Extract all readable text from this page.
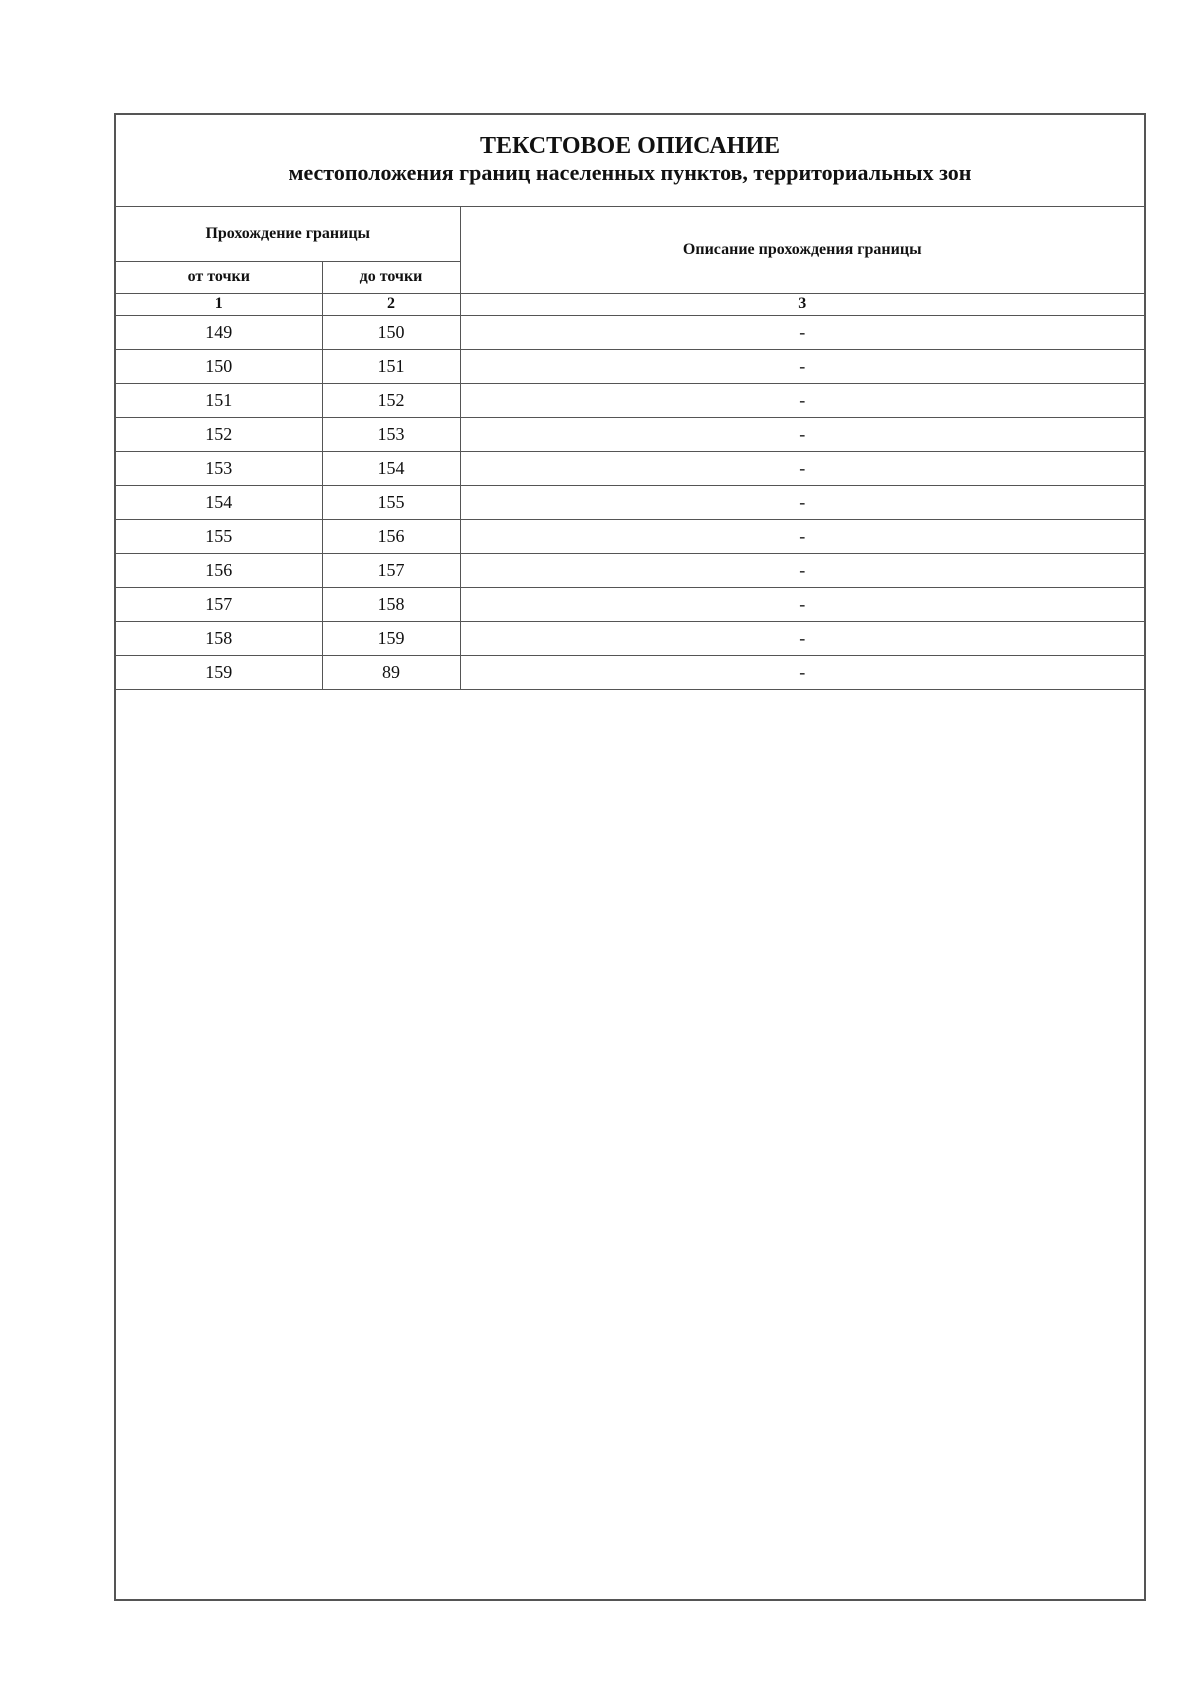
ТЕКСТОВОЕ ОПИСАНИЕ
местоположения границ населенных пунктов, территориальных зон
Прохождение границы		Описание прохождения границы
от точки	до точки	
1	2	3
149	150	-
150	151	-
151	152	-
152	153	-
153	154	-
154	155	-
155	156	-
156	157	-
157	158	-
158	159	-
159	89	-
